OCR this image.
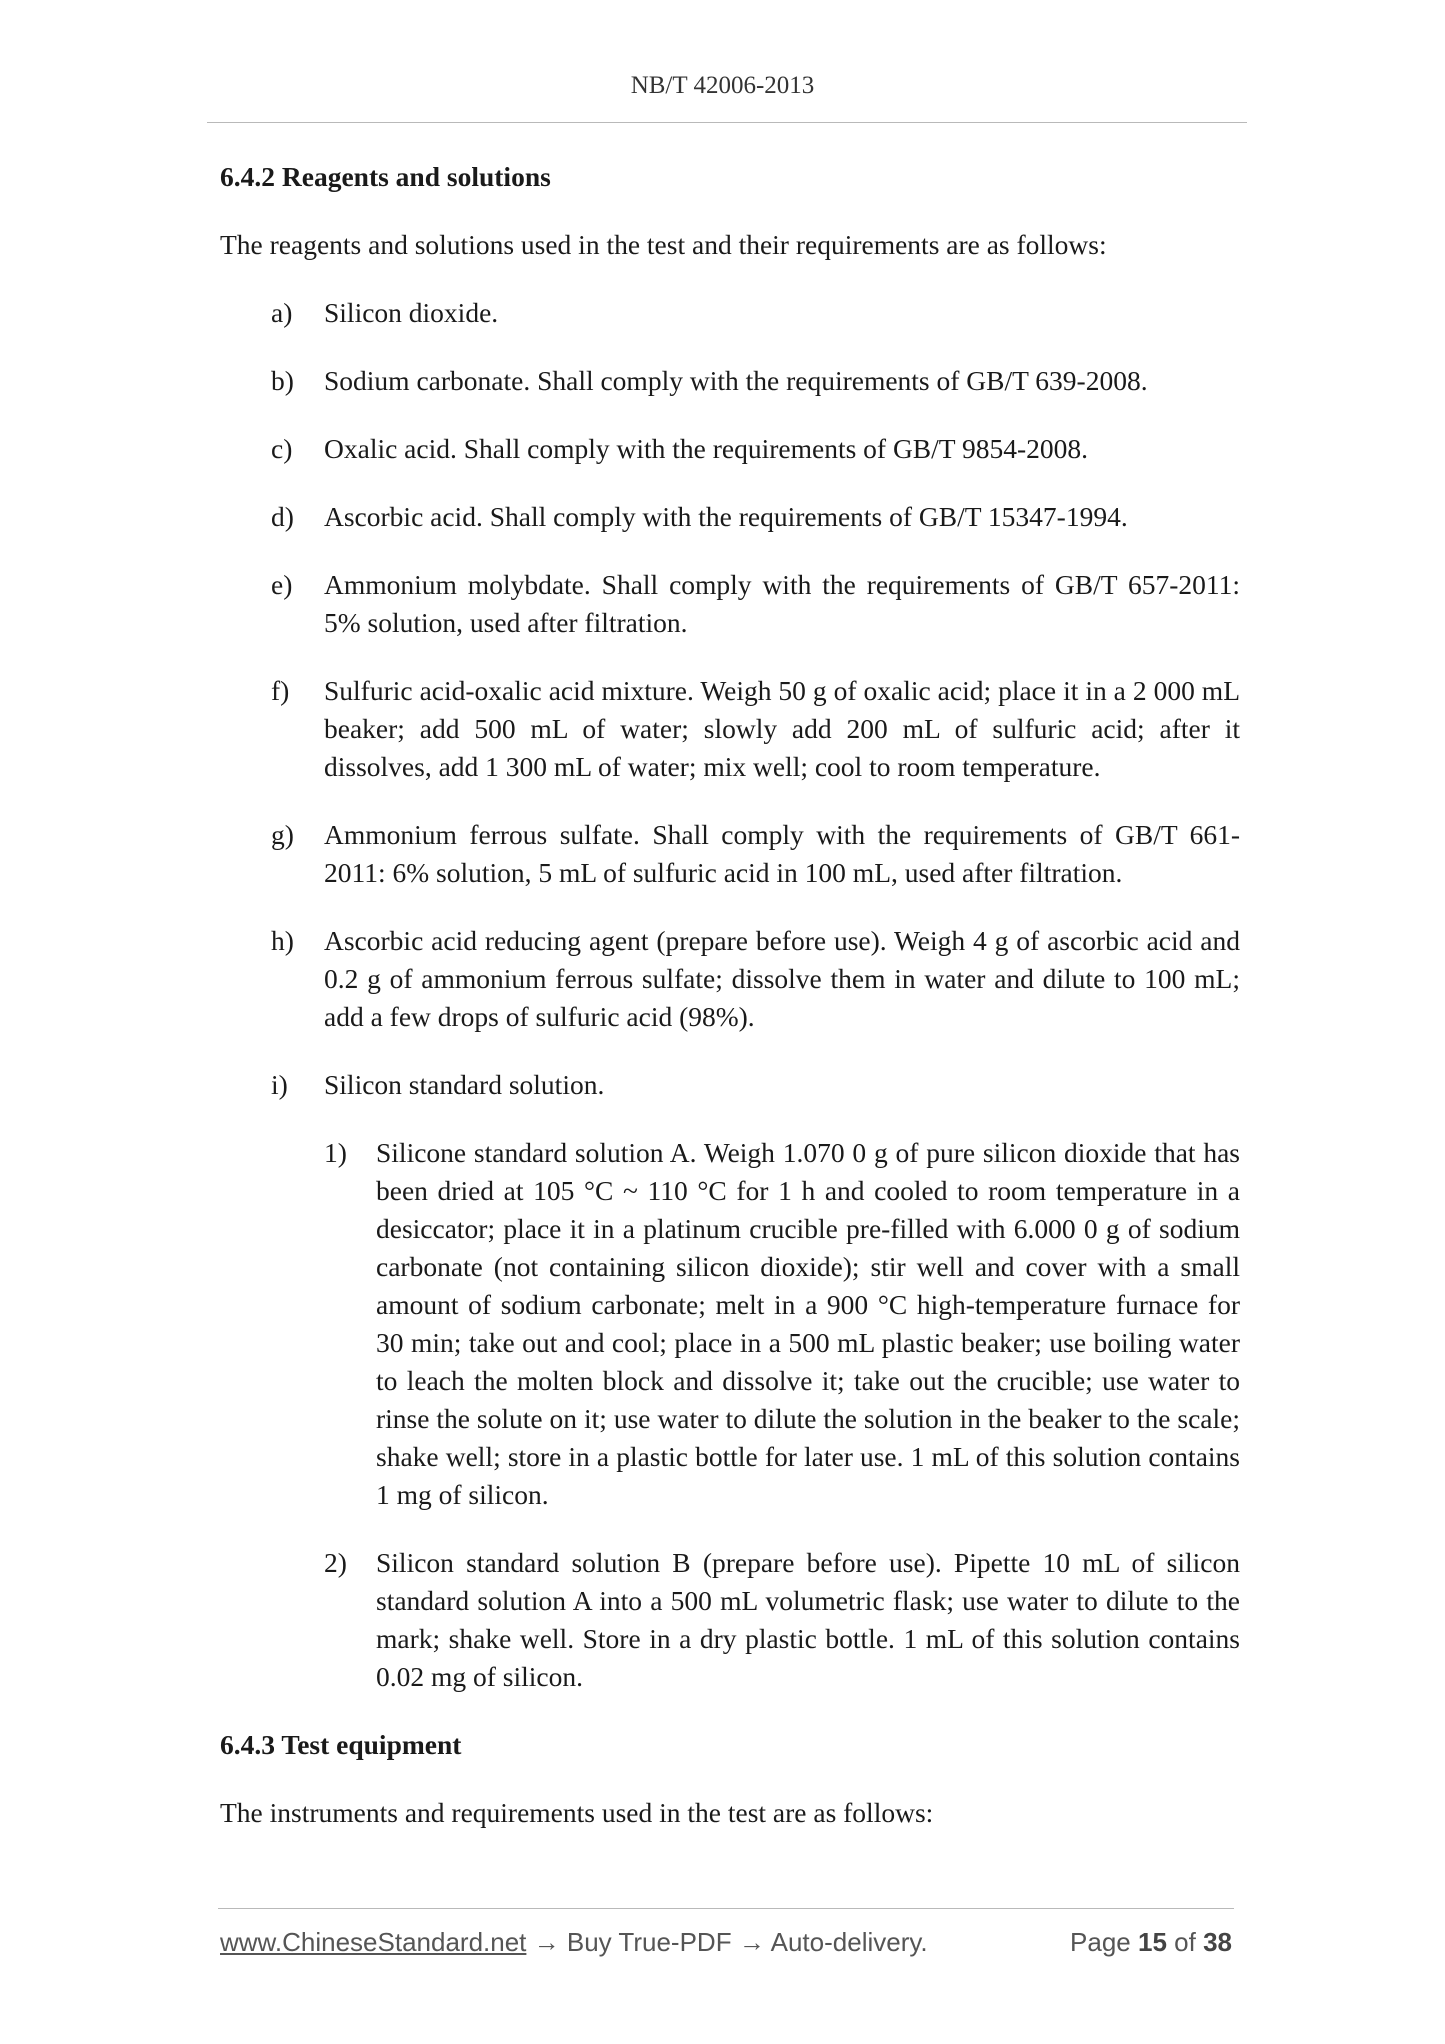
NB/T 42006-2013

6.4.2 Reagents and solutions

The reagents and solutions used in the test and their requirements are as follows:

a) Silicon dioxide.
b) Sodium carbonate. Shall comply with the requirements of GB/T 639-2008.
c) Oxalic acid. Shall comply with the requirements of GB/T 9854-2008.
d) Ascorbic acid. Shall comply with the requirements of GB/T 15347-1994.
e) Ammonium molybdate. Shall comply with the requirements of GB/T 657-2011: 5% solution, used after filtration.
f) Sulfuric acid-oxalic acid mixture. Weigh 50 g of oxalic acid; place it in a 2 000 mL beaker; add 500 mL of water; slowly add 200 mL of sulfuric acid; after it dissolves, add 1 300 mL of water; mix well; cool to room temperature.
g) Ammonium ferrous sulfate. Shall comply with the requirements of GB/T 661-2011: 6% solution, 5 mL of sulfuric acid in 100 mL, used after filtration.
h) Ascorbic acid reducing agent (prepare before use). Weigh 4 g of ascorbic acid and 0.2 g of ammonium ferrous sulfate; dissolve them in water and dilute to 100 mL; add a few drops of sulfuric acid (98%).
i) Silicon standard solution.
1) Silicone standard solution A. Weigh 1.070 0 g of pure silicon dioxide that has been dried at 105 °C ~ 110 °C for 1 h and cooled to room temperature in a desiccator; place it in a platinum crucible pre-filled with 6.000 0 g of sodium carbonate (not containing silicon dioxide); stir well and cover with a small amount of sodium carbonate; melt in a 900 °C high-temperature furnace for 30 min; take out and cool; place in a 500 mL plastic beaker; use boiling water to leach the molten block and dissolve it; take out the crucible; use water to rinse the solute on it; use water to dilute the solution in the beaker to the scale; shake well; store in a plastic bottle for later use. 1 mL of this solution contains 1 mg of silicon.
2) Silicon standard solution B (prepare before use). Pipette 10 mL of silicon standard solution A into a 500 mL volumetric flask; use water to dilute to the mark; shake well. Store in a dry plastic bottle. 1 mL of this solution contains 0.02 mg of silicon.

6.4.3 Test equipment

The instruments and requirements used in the test are as follows:

www.ChineseStandard.net → Buy True-PDF → Auto-delivery.	Page 15 of 38
